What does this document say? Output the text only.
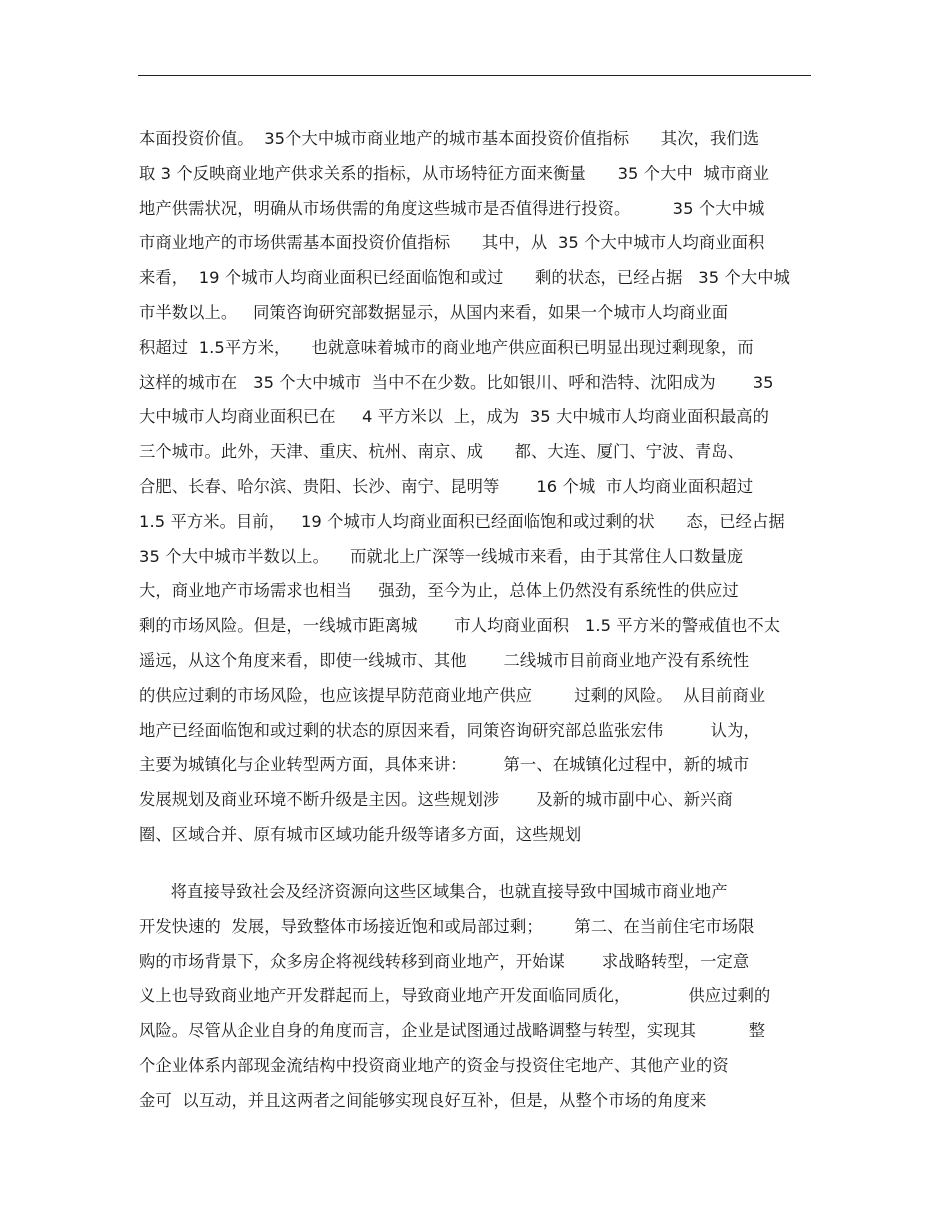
本面投资价值。  35个大中城市商业地产的城市基本面投资价值指标      其次，我们选
取 3 个反映商业地产供求关系的指标，从市场特征方面来衡量      35 个大中  城市商业
地产供需状况，明确从市场供需的角度这些城市是否值得进行投资。        35 个大中城
市商业地产的市场供需基本面投资价值指标      其中，从  35 个大中城市人均商业面积
来看，  19 个城市人均商业面积已经面临饱和或过      剩的状态，已经占据   35 个大中城
市半数以上。   同策咨询研究部数据显示，从国内来看，如果一个城市人均商业面
积超过  1.5平方米，    也就意味着城市的商业地产供应面积已明显出现过剩现象，而
这样的城市在   35 个大中城市  当中不在少数。比如银川、呼和浩特、沈阳成为       35
大中城市人均商业面积已在     4 平方米以  上，成为  35 大中城市人均商业面积最高的
三个城市。此外，天津、重庆、杭州、南京、成      都、大连、厦门、宁波、青岛、
合肥、长春、哈尔滨、贵阳、长沙、南宁、昆明等       16 个城  市人均商业面积超过
1.5 平方米。目前，   19 个城市人均商业面积已经面临饱和或过剩的状      态，已经占据
35 个大中城市半数以上。    而就北上广深等一线城市来看，由于其常住人口数量庞
大，商业地产市场需求也相当     强劲，至今为止，总体上仍然没有系统性的供应过
剩的市场风险。但是，一线城市距离城       市人均商业面积   1.5 平方米的警戒值也不太
遥远，从这个角度来看，即使一线城市、其他       二线城市目前商业地产没有系统性
的供应过剩的市场风险，也应该提早防范商业地产供应        过剩的风险。  从目前商业
地产已经面临饱和或过剩的状态的原因来看，同策咨询研究部总监张宏伟         认为，
主要为城镇化与企业转型两方面，具体来讲：       第一、在城镇化过程中，新的城市
发展规划及商业环境不断升级是主因。这些规划涉       及新的城市副中心、新兴商
圈、区域合并、原有城市区域功能升级等诸多方面，这些规划
将直接导致社会及经济资源向这些区域集合，也就直接导致中国城市商业地产
开发快速的  发展，导致整体市场接近饱和或局部过剩；      第二、在当前住宅市场限
购的市场背景下，众多房企将视线转移到商业地产，开始谋       求战略转型，一定意
义上也导致商业地产开发群起而上，导致商业地产开发面临同质化，           供应过剩的
风险。尽管从企业自身的角度而言，企业是试图通过战略调整与转型，实现其          整
个企业体系内部现金流结构中投资商业地产的资金与投资住宅地产、其他产业的资
金可  以互动，并且这两者之间能够实现良好互补，但是，从整个市场的角度来
